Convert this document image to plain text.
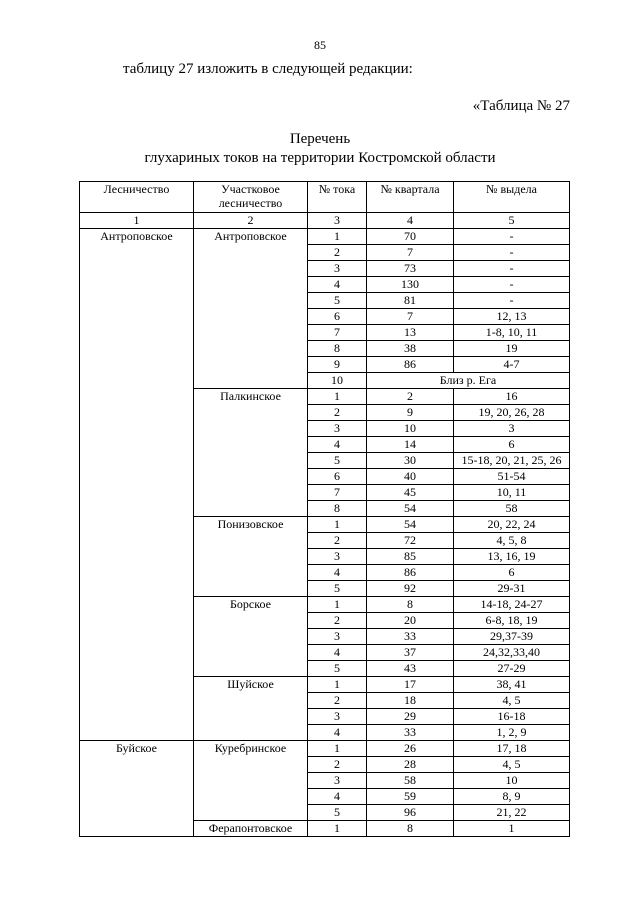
85
таблицу 27 изложить в следующей редакции:
«Таблица № 27
Перечень
глухариных токов на территории Костромской области
Лесничество	Участковое лесничество	№ тока	№ квартала	№ выдела
1	2	3	4	5
Антроповское	Антроповское	1	70	-
		2	7	-
		3	73	-
		4	130	-
		5	81	-
		6	7	12, 13
		7	13	1-8, 10, 11
		8	38	19
		9	86	4-7
		10	Близ р. Ега	
	Палкинское	1	2	16
		2	9	19, 20, 26, 28
		3	10	3
		4	14	6
		5	30	15-18, 20, 21, 25, 26
		6	40	51-54
		7	45	10, 11
		8	54	58
	Понизовское	1	54	20, 22, 24
		2	72	4, 5, 8
		3	85	13, 16, 19
		4	86	6
		5	92	29-31
	Борское	1	8	14-18, 24-27
		2	20	6-8, 18, 19
		3	33	29,37-39
		4	37	24,32,33,40
		5	43	27-29
	Шуйское	1	17	38, 41
		2	18	4, 5
		3	29	16-18
		4	33	1, 2, 9
Буйское	Куребринское	1	26	17, 18
		2	28	4, 5
		3	58	10
		4	59	8, 9
		5	96	21, 22
	Ферапонтовское	1	8	1
